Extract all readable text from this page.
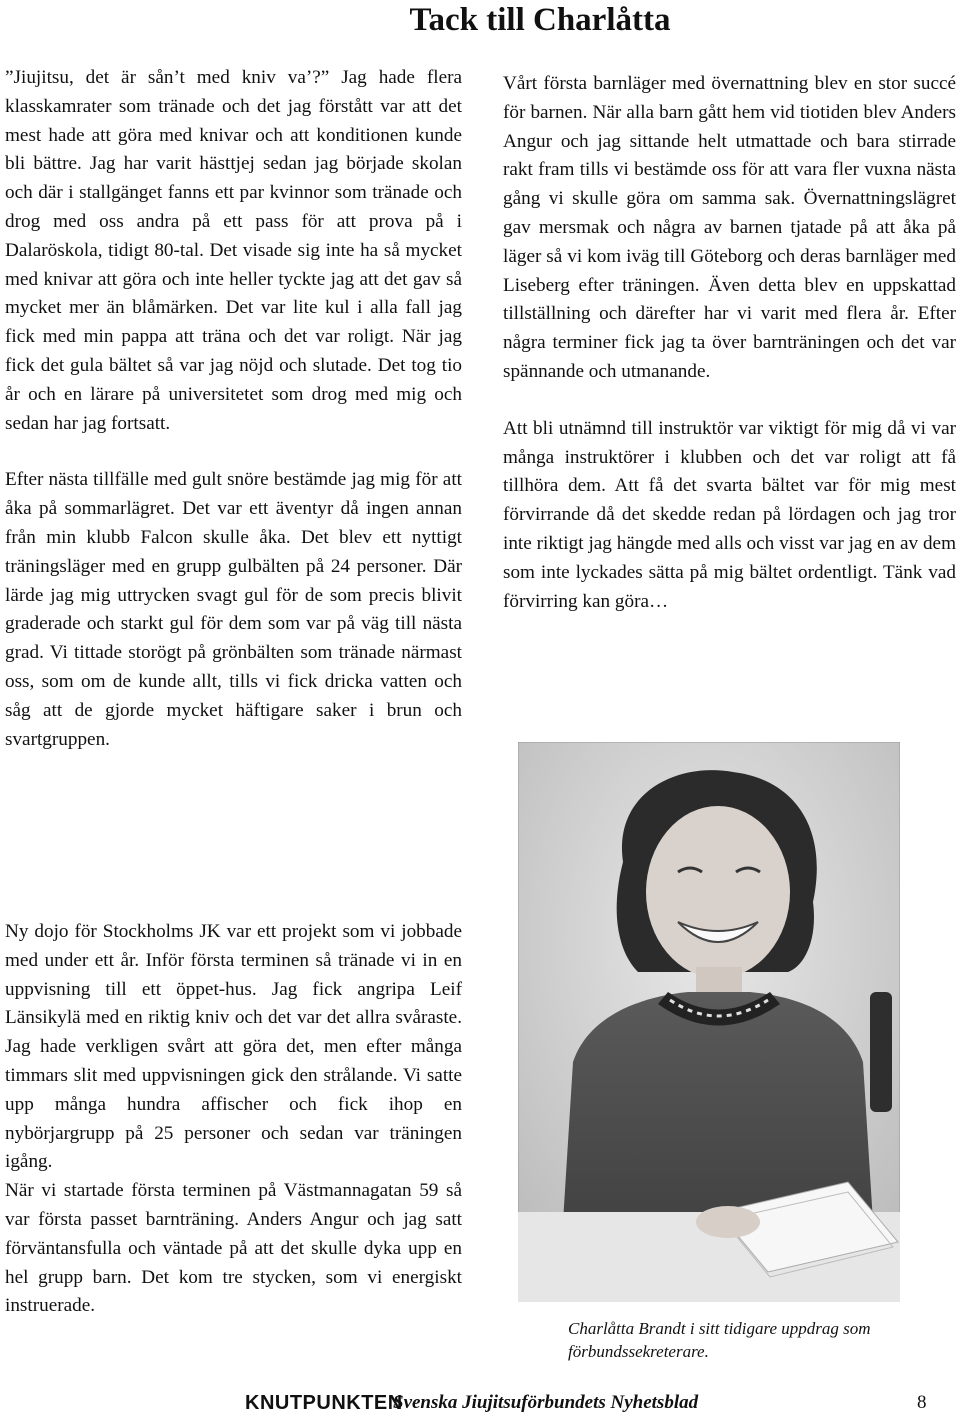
Tack till Charlåtta

”Jiujitsu, det är sån’t med kniv va’?” Jag hade flera klasskamrater som tränade och det jag förstått var att det mest hade att göra med knivar och att konditionen kunde bli bättre. Jag har varit hästtjej sedan jag började skolan och där i stallgänget fanns ett par kvinnor som tränade och drog med oss andra på ett pass för att prova på i Dalaröskola, tidigt 80-tal. Det visade sig inte ha så mycket med knivar att göra och inte heller tyckte jag att det gav så mycket mer än blåmärken. Det var lite kul i alla fall jag fick med min pappa att träna och det var roligt. När jag fick det gula bältet så var jag nöjd och slutade. Det tog tio år och en lärare på universitetet som drog med mig och sedan har jag fortsatt.

Efter nästa tillfälle med gult snöre bestämde jag mig för att åka på sommarlägret. Det var ett äventyr då ingen annan från min klubb Falcon skulle åka. Det blev ett nyttigt träningsläger med en grupp gulbälten på 24 personer. Där lärde jag mig uttrycken svagt gul för de som precis blivit graderade och starkt gul för dem som var på väg till nästa grad. Vi tittade storögt på grönbälten som tränade närmast oss, som om de kunde allt, tills vi fick dricka vatten och såg att de gjorde mycket häftigare saker i brun och svartgruppen.

Ny dojo för Stockholms JK var ett projekt som vi jobbade med under ett år. Inför första terminen så tränade vi in en uppvisning till ett öppet-hus. Jag fick angripa Leif Länsikylä med en riktig kniv och det var det allra svåraste. Jag hade verkligen svårt att göra det, men efter många timmars slit med uppvisningen gick den strålande. Vi satte upp många hundra affischer och fick ihop en nybörjargrupp på 25 personer och sedan var träningen igång.

När vi startade första terminen på Västmannagatan 59 så var första passet barnträning. Anders Angur och jag satt förväntansfulla och väntade på att det skulle dyka upp en hel grupp barn. Det kom tre stycken, som vi energiskt instruerade.

Vårt första barnläger med övernattning blev en stor succé för barnen. När alla barn gått hem vid tiotiden blev Anders Angur och jag sittande helt utmattade och bara stirrade rakt fram tills vi bestämde oss för att vara fler vuxna nästa gång vi skulle göra om samma sak. Övernattningslägret gav mersmak och några av barnen tjatade på att åka på läger så vi kom iväg till Göteborg och deras barnläger med Liseberg efter träningen. Även detta blev en uppskattad tillställning och därefter har vi varit med flera år. Efter några terminer fick jag ta över barnträningen och det var spännande och utmanande.

Att bli utnämnd till instruktör var viktigt för mig då vi var många instruktörer i klubben och det var roligt att få tillhöra dem. Att få det svarta bältet var för mig mest förvirrande då det skedde redan på lördagen och jag tror inte riktigt jag hängde med alls och visst var jag en av dem som inte lyckades sätta på mig bältet ordentligt. Tänk vad förvirring kan göra…

Charlåtta Brandt i sitt tidigare uppdrag som förbundssekreterare.
KNUTPUNKTEN
Svenska Jiujitsuförbundets Nyhetsblad	8
